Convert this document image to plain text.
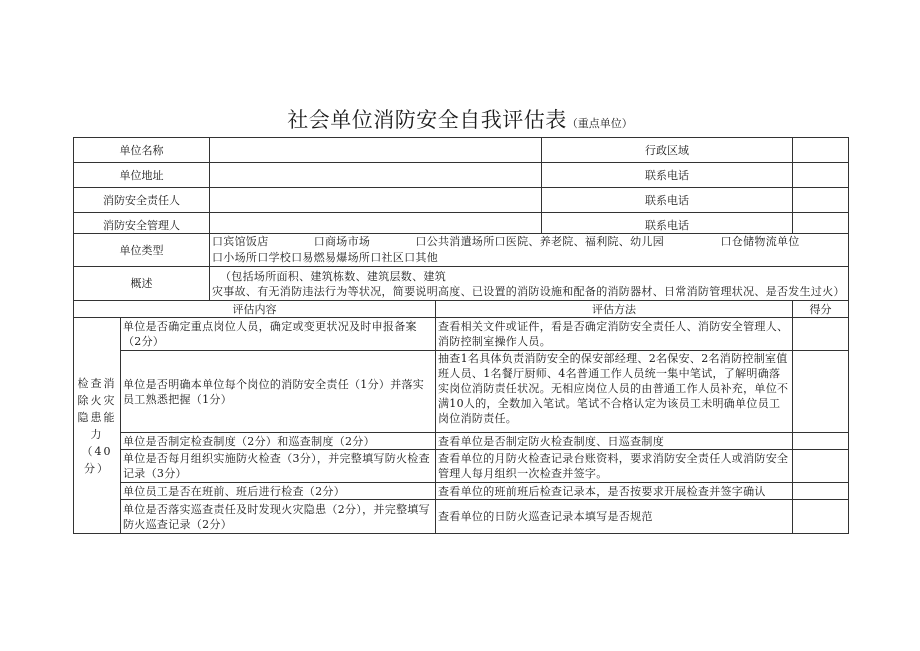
社会单位消防安全自我评估表（重点单位）
单位名称				行政区域	
单位地址				联系电话	
消防安全责任人				联系电话	
消防安全管理人				联系电话	
单位类型		口宾馆饭店　　　　口商场市场　　　　口公共消遣场所口医院、养老院、福利院、幼儿园　　　　　口仓储物流单位
口小场所口学校口易燃易爆场所口社区口其他			

概述		（包括场所面积、建筑栋数、建筑层数、建筑
灾事故、有无消防违法行为等状况，简要说明高度、已设置的消防设施和配备的消防器材、日常消防管理状况、是否发生过火）			

评估内容			评估方法		得分

检查消
除火灾
隐患能
力
（40分）	单位是否确定重点岗位人员，确定或变更状况及时申报备案（2分）		查看相关文件或证件，看是否确定消防安全责任人、消防安全管理人、消防控制室操作人员。		
	单位是否明确本单位每个岗位的消防安全责任（1分）并落实员工熟悉把握（1分）		抽查1名具体负责消防安全的保安部经理、2名保安、2名消防控制室值班人员、1名餐厅厨师、4名普通工作人员统一集中笔试，了解明确落实岗位消防责任状况。无相应岗位人员的由普通工作人员补充，单位不满10人的，全数加入笔试。笔试不合格认定为该员工未明确单位员工岗位消防责任。		
	单位是否制定检查制度（2分）和巡查制度（2分）		查看单位是否制定防火检查制度、日巡查制度		
	单位是否每月组织实施防火检查（3分），并完整填写防火检查记录（3分）		查看单位的月防火检查记录台账资料，要求消防安全责任人或消防安全管理人每月组织一次检查并签字。		
	单位员工是否在班前、班后进行检查（2分）		查看单位的班前班后检查记录本，是否按要求开展检查并签字确认		
	单位是否落实巡查责任及时发现火灾隐患（2分），并完整填写防火巡查记录（2分）		查看单位的日防火巡查记录本填写是否规范		
